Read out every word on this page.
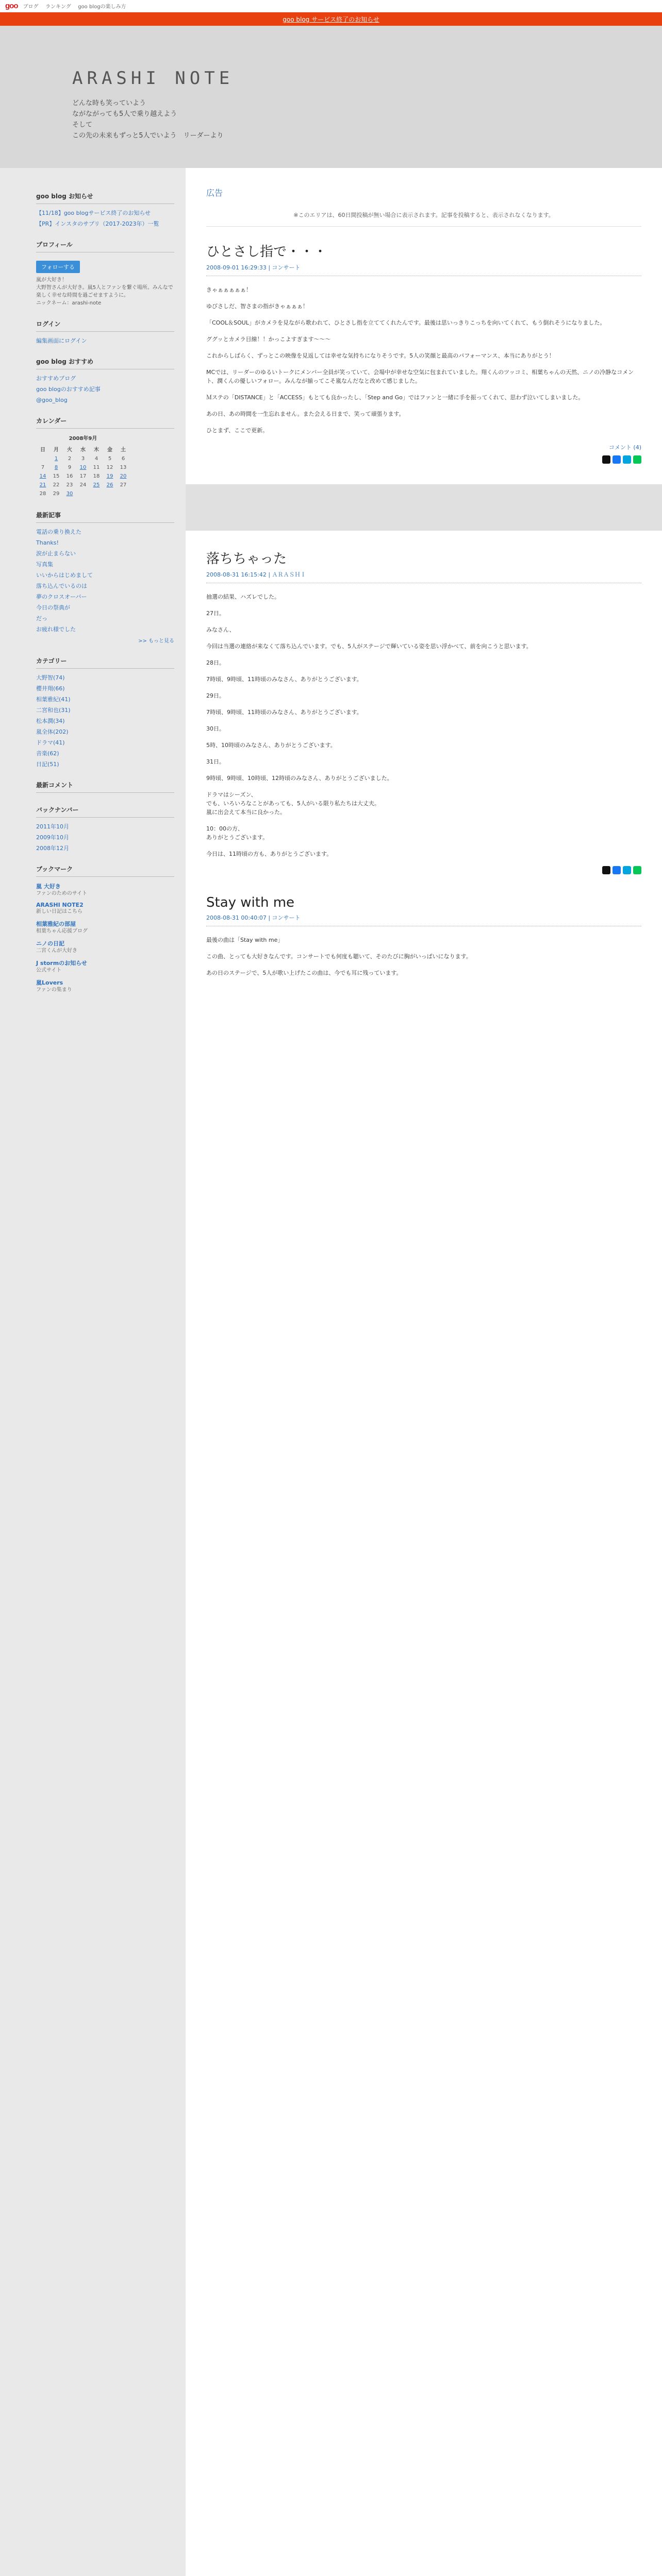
goo ブログ ランキング goo blogの楽しみ方
goo blog サービス終了のお知らせ
ARASHI NOTE
どんな時も笑っていよう
ながながっても5人で乗り越えよう
そして
この先の未来もずっと5人でいよう　リーダーより
goo blog お知らせ
【11/18】goo blogサービス終了のお知らせ
【PR】インスタのサプリ（2017-2023年）一覧
プロフィール
フォローする
嵐が大好き！
大野智さんが大好き。嵐5人とファンを繋ぐ場所。みんなで楽しく幸せな時間を過ごせますように。
ニックネーム：arashi-note
ログイン
編集画面にログイン
goo blog おすすめ
おすすめブログ
goo blogのおすすめ記事
@goo_blog
カレンダー
2008年9月
日	月	火	水	木	金	土
	1	2	3	4	5	6
7	8	9	10	11	12	13
14	15	16	17	18	19	20
21	22	23	24	25	26	27
28	29	30				
最新記事
電話の乗り換えた
Thanks!
涙が止まらない
写真集
いいからはじめまして
落ち込んでいるのは
夢のクロスオーバー
今日の祭典が
だっ
お疲れ様でした
>> もっと見る
カテゴリー
大野智(74)
櫻井翔(66)
相葉雅紀(41)
二宮和也(31)
松本潤(34)
嵐全体(202)
ドラマ(41)
音楽(62)
日記(51)
最新コメント
バックナンバー
2011年10月
2009年10月
2008年12月
ブックマーク
嵐 大好き
ファンのためのサイト
ARASHI NOTE2
新しい日記はこちら
相葉雅紀の部屋
相葉ちゃん応援ブログ
ニノの日記
二宮くんが大好き
J stormのお知らせ
公式サイト
嵐Lovers
ファンの集まり
広告
※このエリアは、60日間投稿が無い場合に表示されます。記事を投稿すると、表示されなくなります。
ひとさし指で・・・
2008-09-01 16:29:33 | コンサート

きゃぁぁぁぁぁ！

ゆびさしだ、智さまの指がきゃぁぁぁ！

「COOL＆SOUL」がカメラを見ながら歌われて、ひとさし指を立ててくれたんです。最後は思いっきりこっちを向いてくれて、もう倒れそうになりました。

ググッとカメラ目線！！かっこよすぎます〜〜〜

これからしばらく、ずっとこの映像を見返しては幸せな気持ちになりそうです。5人の笑顔と最高のパフォーマンス、本当にありがとう！

MCでは、リーダーのゆるいトークにメンバー全員が笑っていて、会場中が幸せな空気に包まれていました。翔くんのツッコミ、相葉ちゃんの天然、ニノの冷静なコメント、潤くんの優しいフォロー。みんなが揃ってこそ嵐なんだなと改めて感じました。

Ｍステの「DISTANCE」と「ACCESS」もとても良かったし、「Step and Go」ではファンと一緒に手を振ってくれて、思わず泣いてしまいました。

あの日、あの時間を一生忘れません。また会える日まで、笑って頑張ります。

ひとまず、ここで更新。

コメント (4)
落ちちゃった
2008-08-31 16:15:42 | ＡＲＡＳＨＩ

抽選の結果、ハズレでした。

27日。

みなさん、

今回は当選の連絡が来なくて落ち込んでいます。でも、5人がステージで輝いている姿を思い浮かべて、前を向こうと思います。

28日。

7時頃、9時頃、11時頃のみなさん、ありがとうございます。

29日。

7時頃、9時頃、11時頃のみなさん、ありがとうございます。

30日。

5時、10時頃のみなさん、ありがとうございます。

31日。

9時頃、9時頃、10時頃、12時頃のみなさん、ありがとうございました。

ドラマはシーズン、
でも、いろいろなことがあっても、5人がいる限り私たちは大丈夫。
嵐に出会えて本当に良かった。

10：00の方、
ありがとうございます。

今日は、11時頃の方も、ありがとうございます。

Stay with me
2008-08-31 00:40:07 | コンサート

最後の曲は「Stay with me」

この曲、とっても大好きなんです。コンサートでも何度も聴いて、そのたびに胸がいっぱいになります。

あの日のステージで、5人が歌い上げたこの曲は、今でも耳に残っています。
